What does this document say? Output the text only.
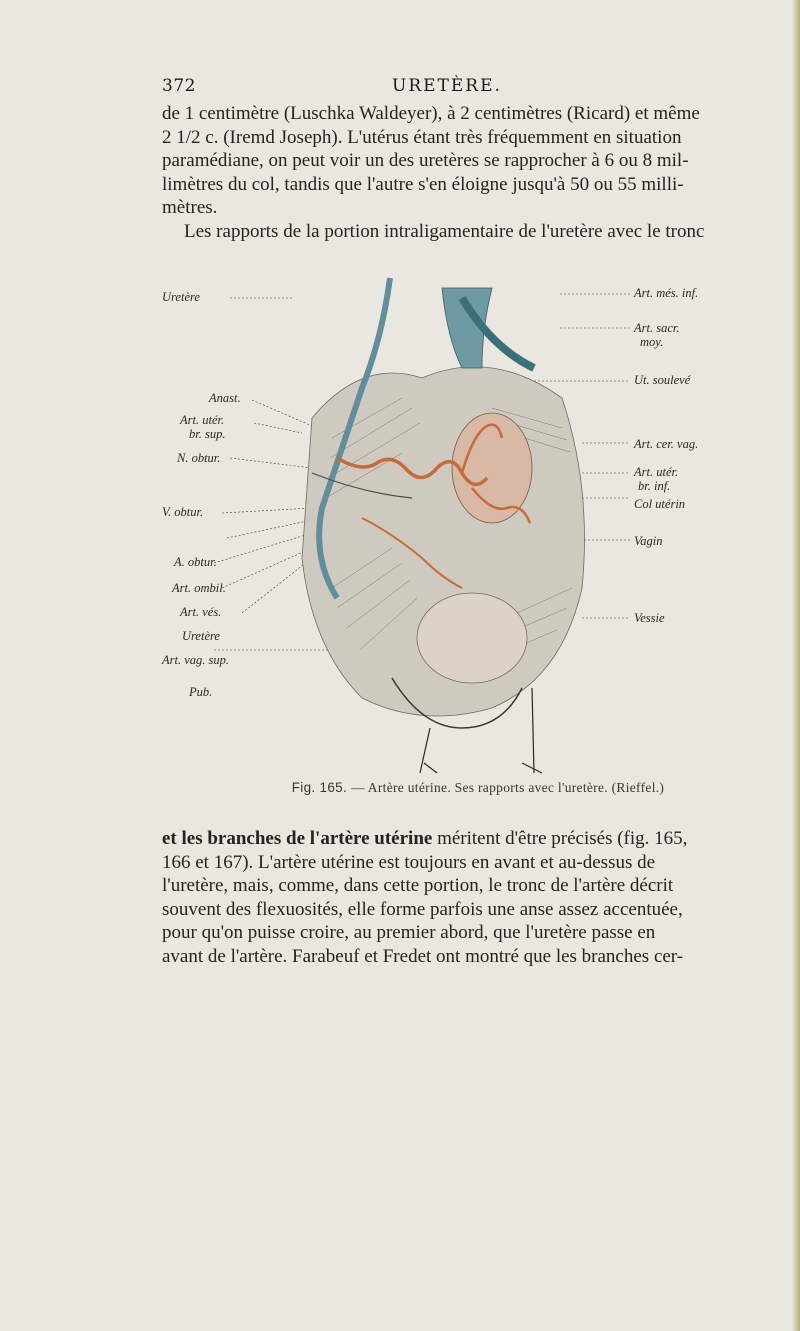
372	URETÈRE.

de 1 centimètre (Luschka Waldeyer), à 2 centimètres (Ricard) et même

2 1/2 c. (Iremd Joseph). L'utérus étant très fréquemment en situation

paramédiane, on peut voir un des uretères se rapprocher à 6 ou 8 mil-

limètres du col, tandis que l'autre s'en éloigne jusqu'à 50 ou 55 milli-

mètres.

Les rapports de la portion intraligamentaire de l'uretère avec le tronc

Uretère
Anast.
Art. utér.
br. sup.
N. obtur.
V. obtur.
A. obtur.
Art. ombil.
Art. vés.
Uretère
Art. vag. sup.
Pub.
Art. més. inf.
Art. sacr.
moy.
Ut. soulevé
Art. cer. vag.
Art. utér.
br. inf.
Col utérin
Vagin
Vessie
Fig. 165. — Artère utérine. Ses rapports avec l'uretère. (Rieffel.)

et les branches de l'artère utérine méritent d'être précisés (fig. 165,

166 et 167). L'artère utérine est toujours en avant et au-dessus de

l'uretère, mais, comme, dans cette portion, le tronc de l'artère décrit

souvent des flexuosités, elle forme parfois une anse assez accentuée,

pour qu'on puisse croire, au premier abord, que l'uretère passe en

avant de l'artère. Farabeuf et Fredet ont montré que les branches cer-
